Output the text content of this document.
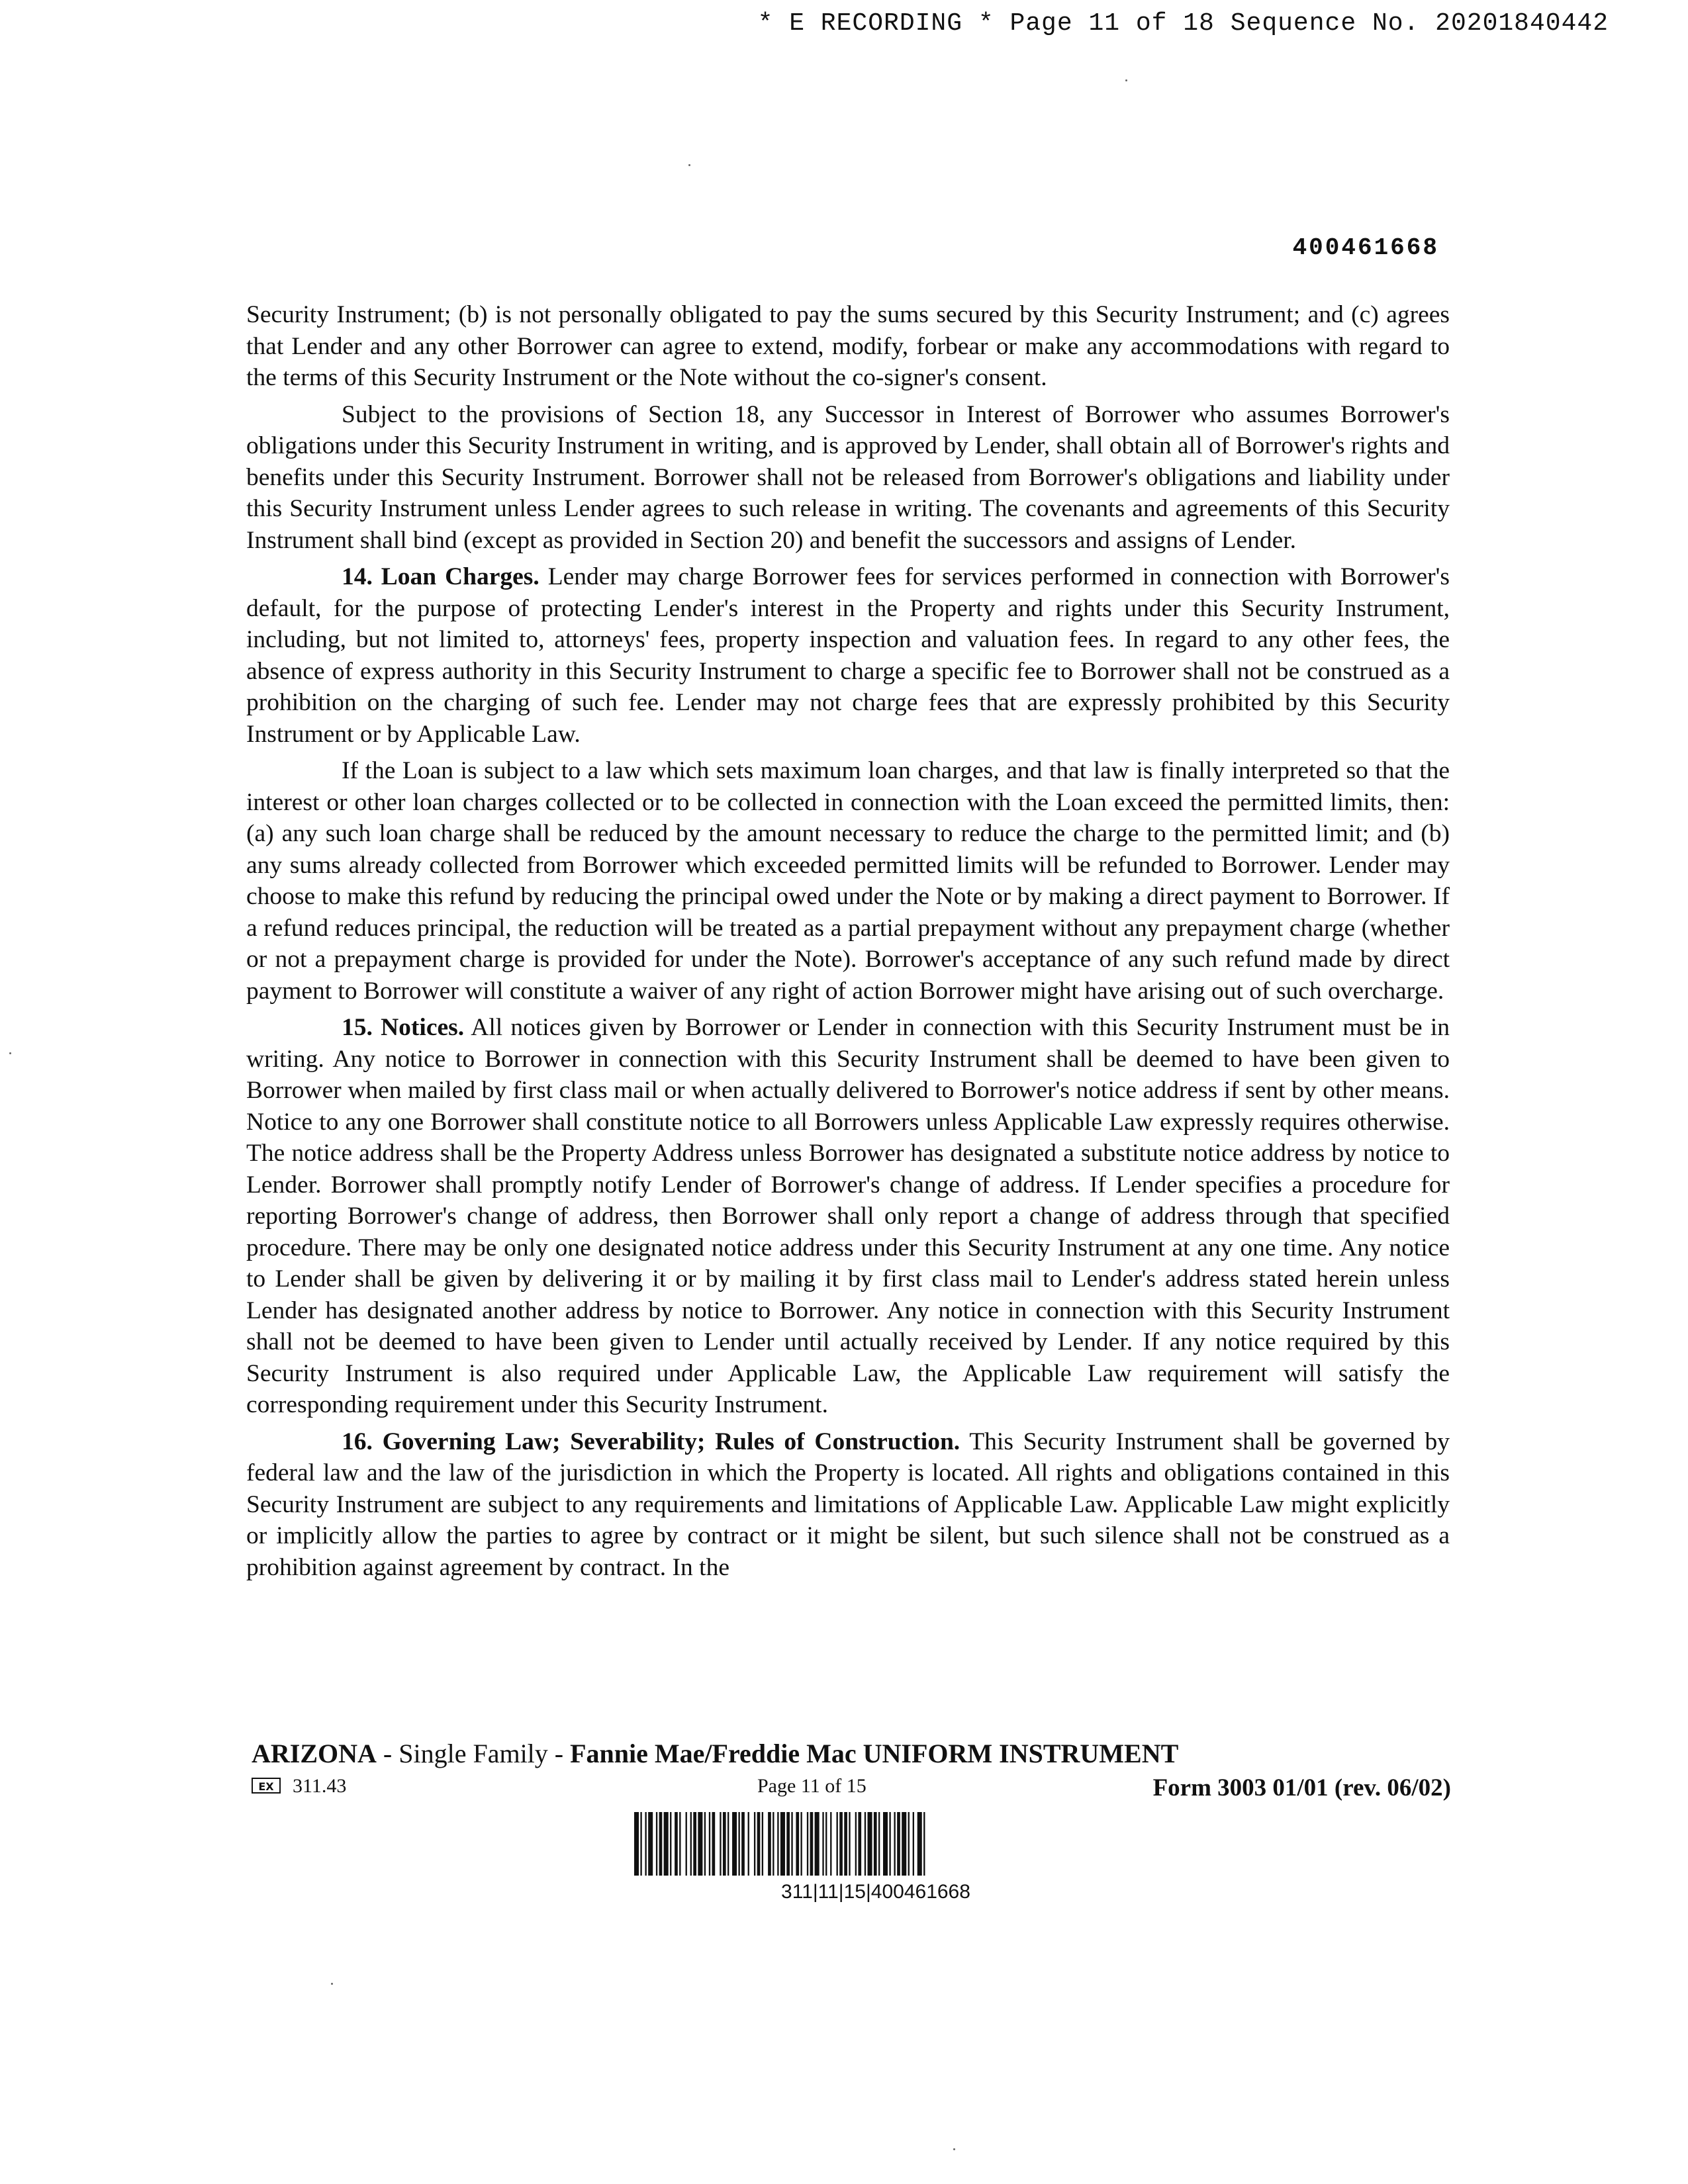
* E RECORDING * Page 11 of 18 Sequence No. 20201840442
400461668

Security Instrument; (b) is not personally obligated to pay the sums secured by this Security Instrument; and (c) agrees that Lender and any other Borrower can agree to extend, modify, forbear or make any accommodations with regard to the terms of this Security Instrument or the Note without the co-signer's consent.

Subject to the provisions of Section 18, any Successor in Interest of Borrower who assumes Borrower's obligations under this Security Instrument in writing, and is approved by Lender, shall obtain all of Borrower's rights and benefits under this Security Instrument. Borrower shall not be released from Borrower's obligations and liability under this Security Instrument unless Lender agrees to such release in writing. The covenants and agreements of this Security Instrument shall bind (except as provided in Section 20) and benefit the successors and assigns of Lender.

14. Loan Charges. Lender may charge Borrower fees for services performed in connection with Borrower's default, for the purpose of protecting Lender's interest in the Property and rights under this Security Instrument, including, but not limited to, attorneys' fees, property inspection and valuation fees. In regard to any other fees, the absence of express authority in this Security Instrument to charge a specific fee to Borrower shall not be construed as a prohibition on the charging of such fee. Lender may not charge fees that are expressly prohibited by this Security Instrument or by Applicable Law.

If the Loan is subject to a law which sets maximum loan charges, and that law is finally interpreted so that the interest or other loan charges collected or to be collected in connection with the Loan exceed the permitted limits, then: (a) any such loan charge shall be reduced by the amount necessary to reduce the charge to the permitted limit; and (b) any sums already collected from Borrower which exceeded permitted limits will be refunded to Borrower. Lender may choose to make this refund by reducing the principal owed under the Note or by making a direct payment to Borrower. If a refund reduces principal, the reduction will be treated as a partial prepayment without any prepayment charge (whether or not a prepayment charge is provided for under the Note). Borrower's acceptance of any such refund made by direct payment to Borrower will constitute a waiver of any right of action Borrower might have arising out of such overcharge.

15. Notices. All notices given by Borrower or Lender in connection with this Security Instrument must be in writing. Any notice to Borrower in connection with this Security Instrument shall be deemed to have been given to Borrower when mailed by first class mail or when actually delivered to Borrower's notice address if sent by other means. Notice to any one Borrower shall constitute notice to all Borrowers unless Applicable Law expressly requires otherwise. The notice address shall be the Property Address unless Borrower has designated a substitute notice address by notice to Lender. Borrower shall promptly notify Lender of Borrower's change of address. If Lender specifies a procedure for reporting Borrower's change of address, then Borrower shall only report a change of address through that specified procedure. There may be only one designated notice address under this Security Instrument at any one time. Any notice to Lender shall be given by delivering it or by mailing it by first class mail to Lender's address stated herein unless Lender has designated another address by notice to Borrower. Any notice in connection with this Security Instrument shall not be deemed to have been given to Lender until actually received by Lender. If any notice required by this Security Instrument is also required under Applicable Law, the Applicable Law requirement will satisfy the corresponding requirement under this Security Instrument.

16. Governing Law; Severability; Rules of Construction. This Security Instrument shall be governed by federal law and the law of the jurisdiction in which the Property is located. All rights and obligations contained in this Security Instrument are subject to any requirements and limitations of Applicable Law. Applicable Law might explicitly or implicitly allow the parties to agree by contract or it might be silent, but such silence shall not be construed as a prohibition against agreement by contract. In the

ARIZONA - Single Family - Fannie Mae/Freddie Mac UNIFORM INSTRUMENT
EX 311.43	Page 11 of 15	Form 3003 01/01 (rev. 06/02)
311|11|15|400461668
